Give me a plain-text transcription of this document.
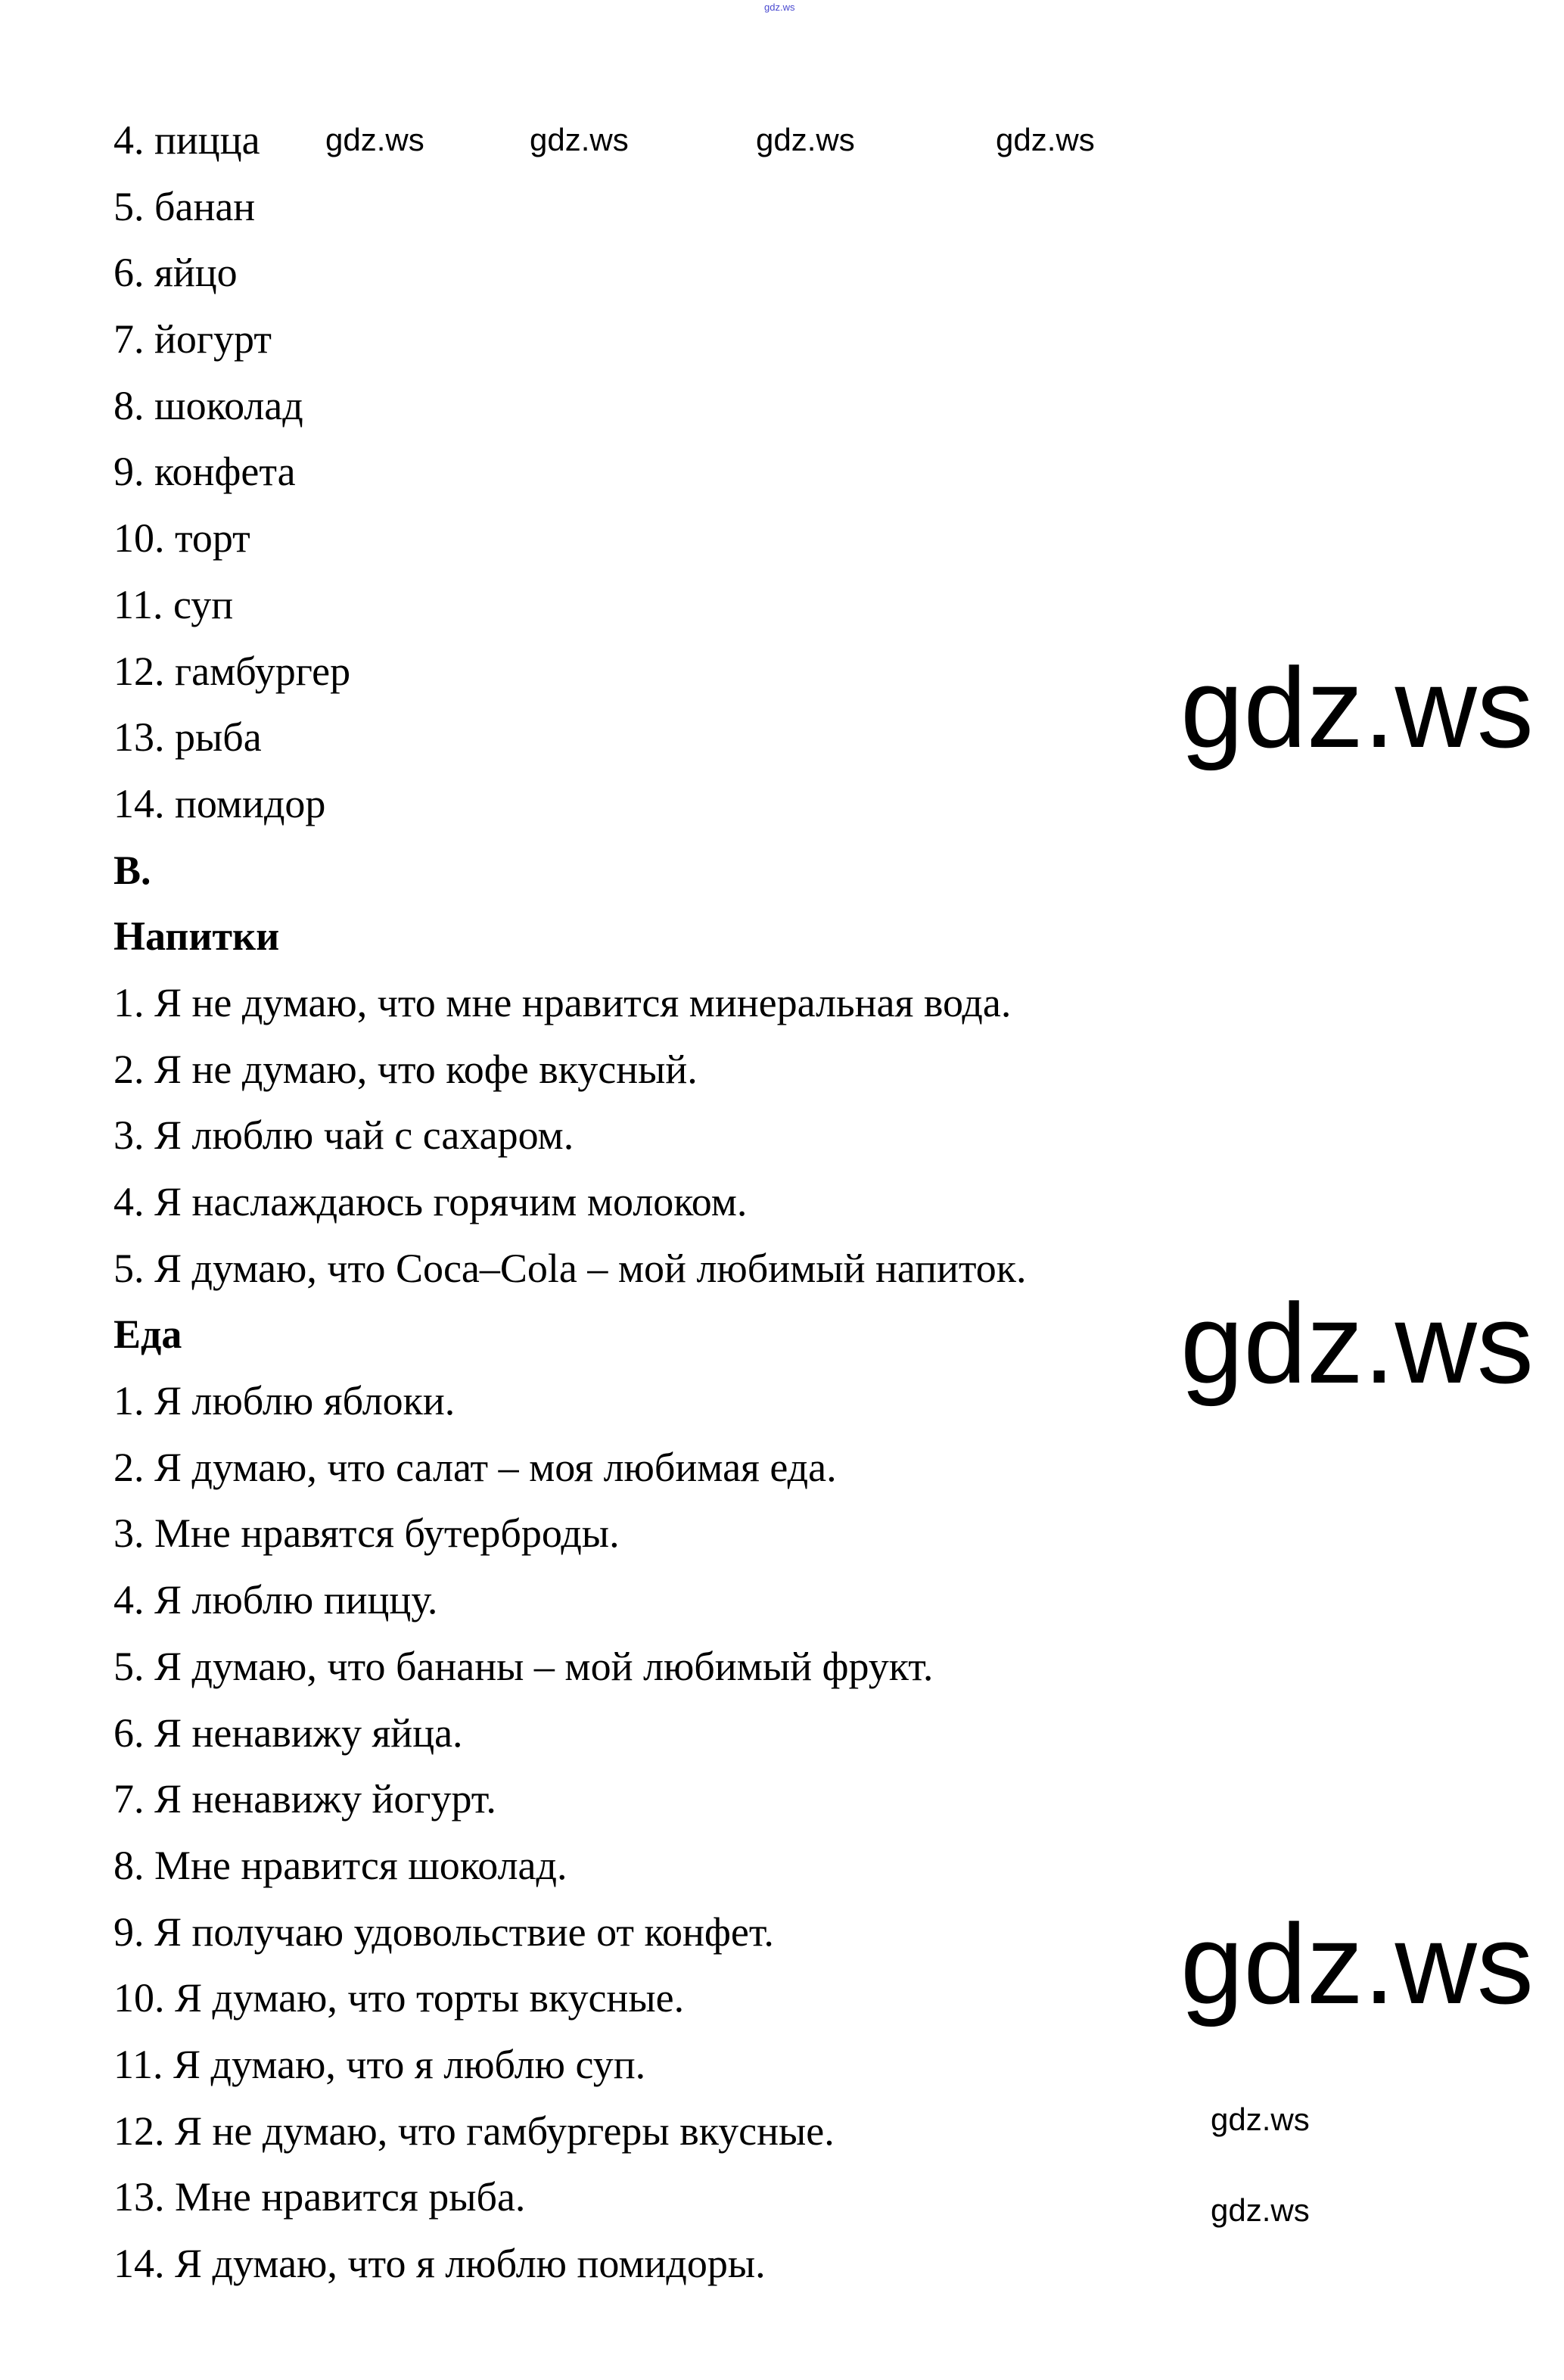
4. пицца
5. банан
6. яйцо
7. йогурт
8. шоколад
9. конфета
10. торт
11. суп
12. гамбургер
13. рыба
14. помидор
B.
Напитки
1. Я не думаю, что мне нравится минеральная вода.
2. Я не думаю, что кофе вкусный.
3. Я люблю чай с сахаром.
4. Я наслаждаюсь горячим молоком.
5. Я думаю, что Coca–Cola – мой любимый напиток.
Еда
1. Я люблю яблоки.
2. Я думаю, что салат – моя любимая еда.
3. Мне нравятся бутерброды.
4. Я люблю пиццу.
5. Я думаю, что бананы – мой любимый фрукт.
6. Я ненавижу яйца.
7. Я ненавижу йогурт.
8. Мне нравится шоколад.
9. Я получаю удовольствие от конфет.
10. Я думаю, что торты вкусные.
11. Я думаю, что я люблю суп.
12. Я не думаю, что гамбургеры вкусные.
13. Мне нравится рыба.
14. Я думаю, что я люблю помидоры.
gdz.ws
gdz.ws	gdz.ws	gdz.ws	gdz.ws
gdz.ws
gdz.ws
gdz.ws
gdz.ws
gdz.ws
